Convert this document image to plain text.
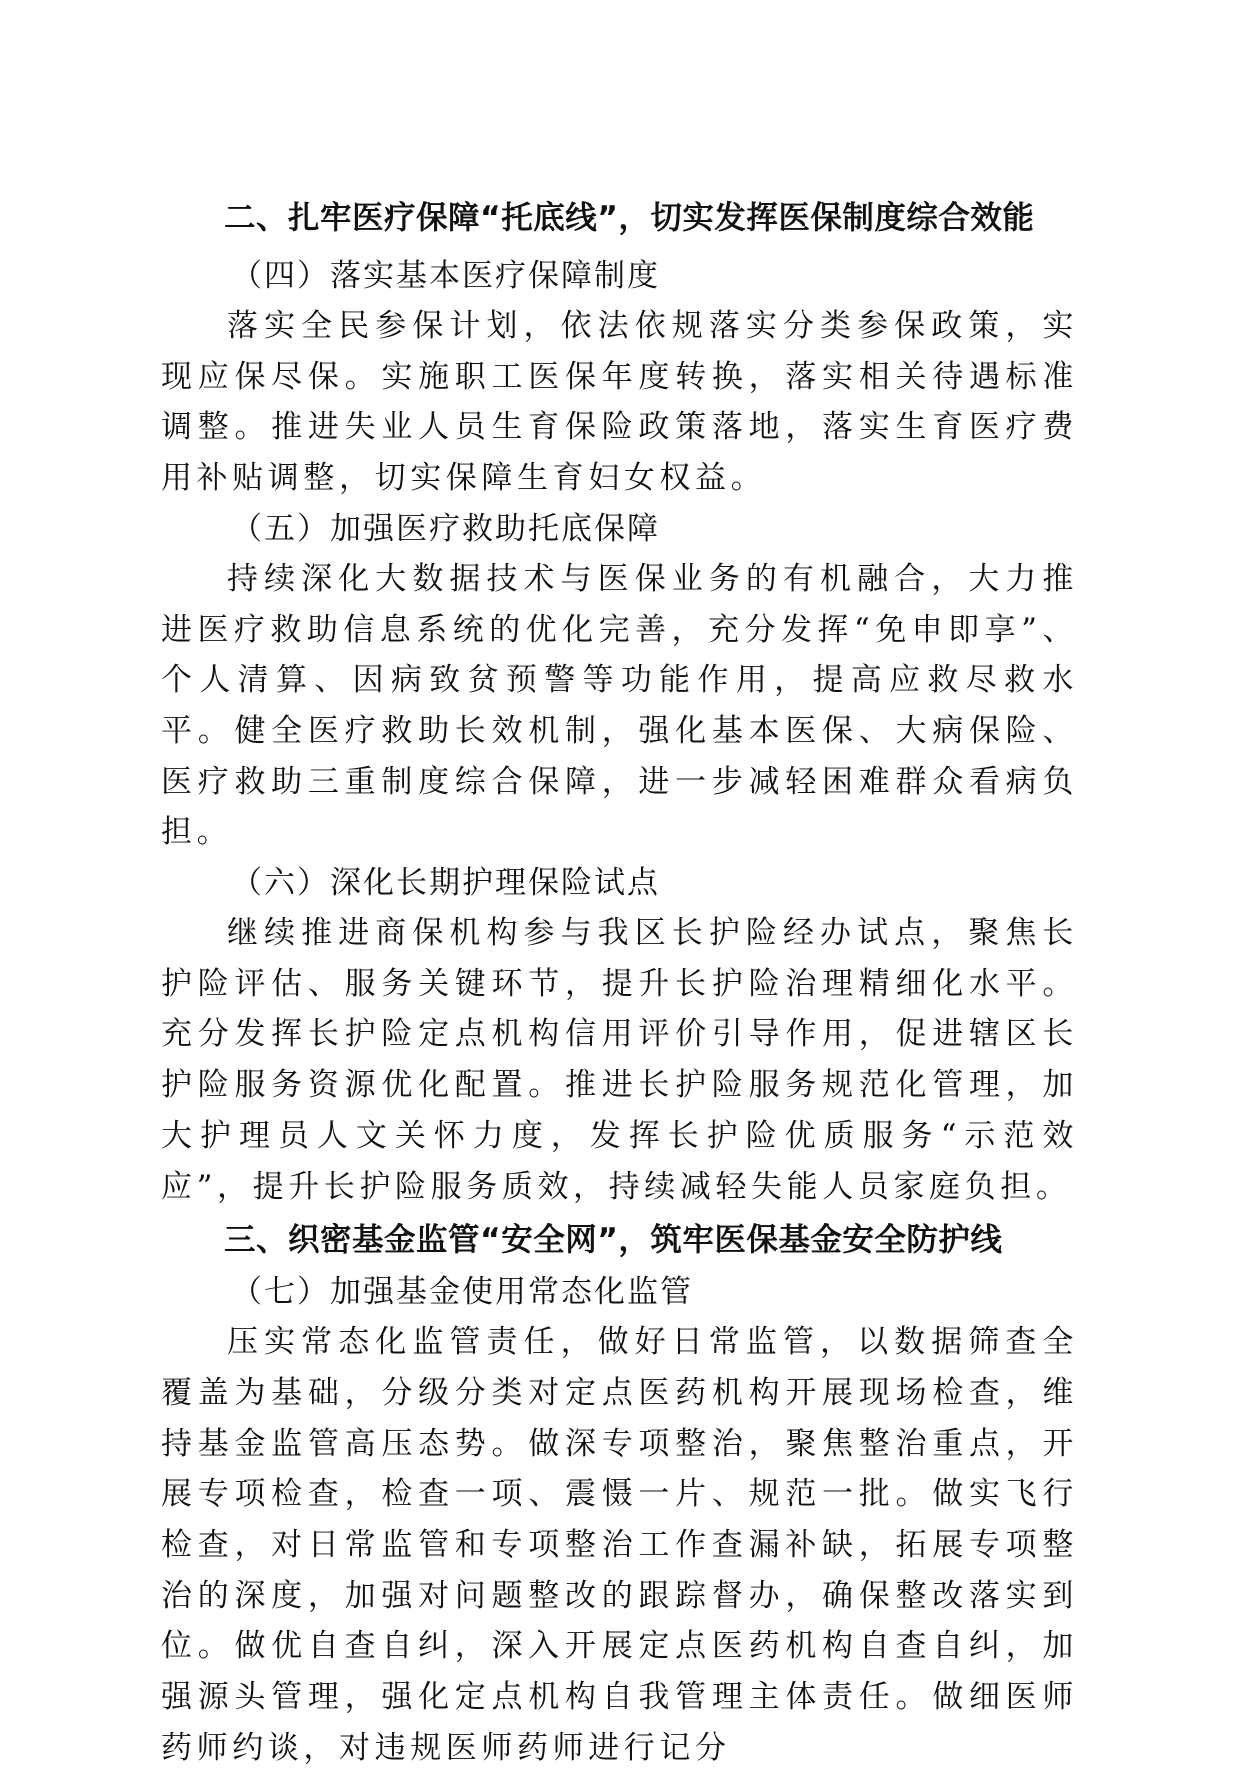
二、扎牢医疗保障“托底线”，切实发挥医保制度综合效能
（四）落实基本医疗保障制度

落实全民参保计划，依法依规落实分类参保政策，实现应保尽保。实施职工医保年度转换，落实相关待遇标准调整。推进失业人员生育保险政策落地，落实生育医疗费用补贴调整，切实保障生育妇女权益。

（五）加强医疗救助托底保障

持续深化大数据技术与医保业务的有机融合，大力推进医疗救助信息系统的优化完善，充分发挥“免申即享”、个人清算、因病致贫预警等功能作用，提高应救尽救水平。健全医疗救助长效机制，强化基本医保、大病保险、医疗救助三重制度综合保障，进一步减轻困难群众看病负担。

（六）深化长期护理保险试点

继续推进商保机构参与我区长护险经办试点，聚焦长护险评估、服务关键环节，提升长护险治理精细化水平。充分发挥长护险定点机构信用评价引导作用，促进辖区长护险服务资源优化配置。推进长护险服务规范化管理，加大护理员人文关怀力度，发挥长护险优质服务“示范效应”，提升长护险服务质效，持续减轻失能人员家庭负担。

三、织密基金监管“安全网”，筑牢医保基金安全防护线
（七）加强基金使用常态化监管

压实常态化监管责任，做好日常监管，以数据筛查全覆盖为基础，分级分类对定点医药机构开展现场检查，维持基金监管高压态势。做深专项整治，聚焦整治重点，开展专项检查，检查一项、震慑一片、规范一批。做实飞行检查，对日常监管和专项整治工作查漏补缺，拓展专项整治的深度，加强对问题整改的跟踪督办，确保整改落实到位。做优自查自纠，深入开展定点医药机构自查自纠，加强源头管理，强化定点机构自我管理主体责任。做细医师药师约谈，对违规医师药师进行记分
